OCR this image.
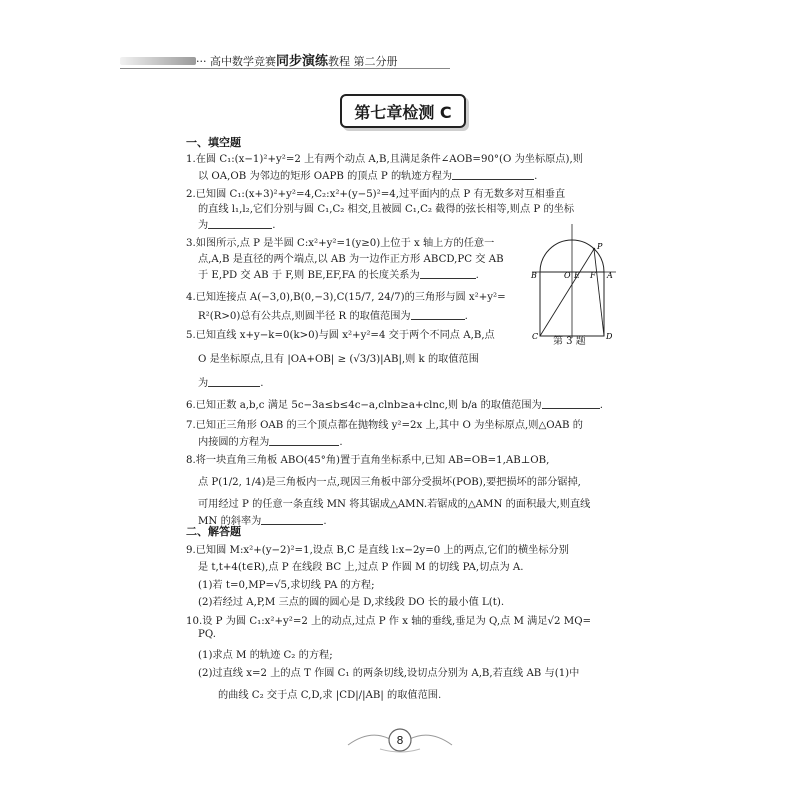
··· 高中数学竞赛同步演练教程 第二分册
第七章检测 C
一、填空题
二、解答题
1.在圆 C₁:(x−1)²+y²=2 上有两个动点 A,B,且满足条件∠AOB=90°(O 为坐标原点),则
以 OA,OB 为邻边的矩形 OAPB 的顶点 P 的轨迹方程为	.
2.已知圆 C₁:(x+3)²+y²=4,C₂:x²+(y−5)²=4,过平面内的点 P 有无数多对互相垂直
的直线 l₁,l₂,它们分别与圆 C₁,C₂ 相交,且被圆 C₁,C₂ 截得的弦长相等,则点 P 的坐标
为	.
3.如图所示,点 P 是半圆 C:x²+y²=1(y≥0)上位于 x 轴上方的任意一
点,A,B 是直径的两个端点,以 AB 为一边作正方形 ABCD,PC 交 AB
于 E,PD 交 AB 于 F,则 BE,EF,FA 的长度关系为	.
4.已知连接点 A(−3,0),B(0,−3),C(15/7, 24/7)的三角形与圆 x²+y²=
R²(R>0)总有公共点,则圆半径 R 的取值范围为	.
5.已知直线 x+y−k=0(k>0)与圆 x²+y²=4 交于两个不同点 A,B,点
O 是坐标原点,且有 |OA+OB| ≥ (√3/3)|AB|,则 k 的取值范围
为	.
6.已知正数 a,b,c 满足 5c−3a≤b≤4c−a,clnb≥a+clnc,则 b/a 的取值范围为	.
7.已知正三角形 OAB 的三个顶点都在抛物线 y²=2x 上,其中 O 为坐标原点,则△OAB 的
内接圆的方程为	.
8.将一块直角三角板 ABO(45°角)置于直角坐标系中,已知 AB=OB=1,AB⊥OB,
点 P(1/2, 1/4)是三角板内一点,现因三角板中部分受损坏(POB),要把损坏的部分锯掉,
可用经过 P 的任意一条直线 MN 将其锯成△AMN.若锯成的△AMN 的面积最大,则直线
MN 的斜率为	.
9.已知圆 M:x²+(y−2)²=1,设点 B,C 是直线 l:x−2y=0 上的两点,它们的横坐标分别
是 t,t+4(t∈R),点 P 在线段 BC 上,过点 P 作圆 M 的切线 PA,切点为 A.
(1)若 t=0,MP=√5,求切线 PA 的方程;
(2)若经过 A,P,M 三点的圆的圆心是 D,求线段 DO 长的最小值 L(t).
10.设 P 为圆 C₁:x²+y²=2 上的动点,过点 P 作 x 轴的垂线,垂足为 Q,点 M 满足√2 MQ=
PQ.
(1)求点 M 的轨迹 C₂ 的方程;
(2)过直线 x=2 上的点 T 作圆 C₁ 的两条切线,设切点分别为 A,B,若直线 AB 与(1)中
的曲线 C₂ 交于点 C,D,求 |CD|/|AB| 的取值范围.
P
B	O E F A
C	D
第 3 题
8
